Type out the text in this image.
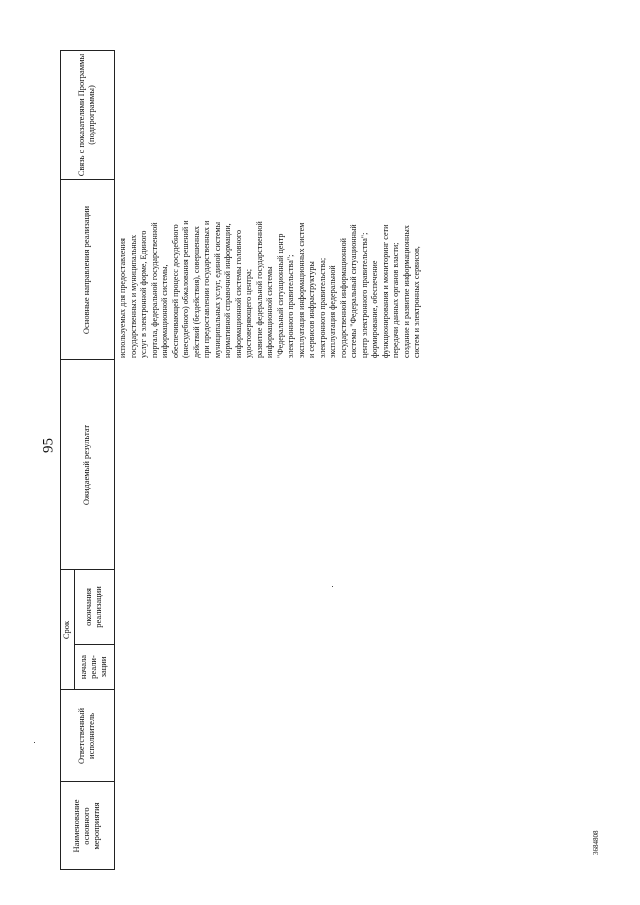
95
3684808
Наименование основного мероприятия
Ответственный исполнитель
Срок
начала реали-зации
окончания реализации
Ожидаемый результат
Основные направления реализации
Связь с показателями Программы (подпрограммы)
используемых для предоставления государственных и муниципальных услуг в электронной форме, Единого портала, федеральной государственной информационной системы, обеспечивающей процесс досудебного (внесудебного) обжалования решений и действий (бездействия), совершенных при предоставлении государственных и муниципальных услуг, единой системы нормативной справочной информации, информационной системы головного удостоверяющего центра; развитие федеральной государственной информационной системы "Федеральный ситуационный центр электронного правительства"; эксплуатация информационных систем и сервисов инфраструктуры электронного правительства; эксплуатация федеральной государственной информационной системы "Федеральный ситуационный центр электронного правительства"; формирование, обеспечение функционирования и мониторинг сети передачи данных органов власти; создание и развитие информационных систем и электронных сервисов,
